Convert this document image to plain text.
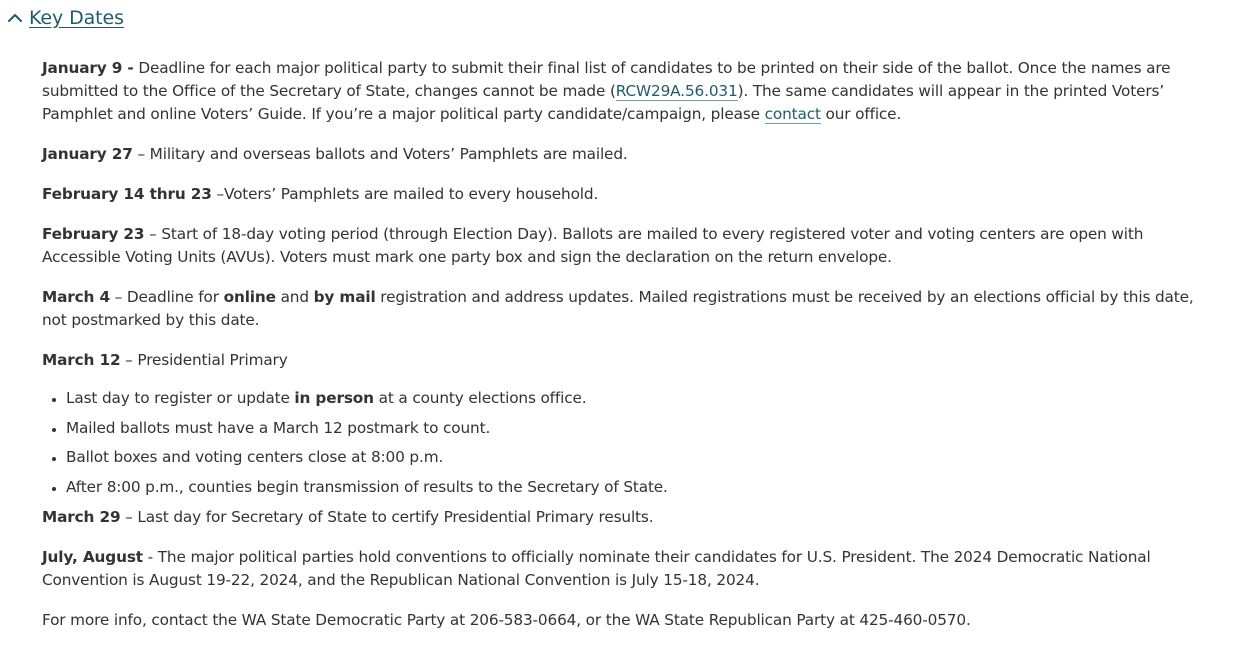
Key Dates

January 9 - Deadline for each major political party to submit their final list of candidates to be printed on their side of the ballot. Once the names are submitted to the Office of the Secretary of State, changes cannot be made (RCW29A.56.031). The same candidates will appear in the printed Voters’ Pamphlet and online Voters’ Guide. If you’re a major political party candidate/campaign, please contact our office.

January 27 – Military and overseas ballots and Voters’ Pamphlets are mailed.

February 14 thru 23 –Voters’ Pamphlets are mailed to every household.

February 23 – Start of 18-day voting period (through Election Day). Ballots are mailed to every registered voter and voting centers are open with Accessible Voting Units (AVUs). Voters must mark one party box and sign the declaration on the return envelope.

March 4 – Deadline for online and by mail registration and address updates. Mailed registrations must be received by an elections official by this date, not postmarked by this date.

March 12 – Presidential Primary

• Last day to register or update in person at a county elections office.
• Mailed ballots must have a March 12 postmark to count.
• Ballot boxes and voting centers close at 8:00 p.m.
• After 8:00 p.m., counties begin transmission of results to the Secretary of State.

March 29 – Last day for Secretary of State to certify Presidential Primary results.

July, August - The major political parties hold conventions to officially nominate their candidates for U.S. President. The 2024 Democratic National Convention is August 19-22, 2024, and the Republican National Convention is July 15-18, 2024.

For more info, contact the WA State Democratic Party at 206-583-0664, or the WA State Republican Party at 425-460-0570.
